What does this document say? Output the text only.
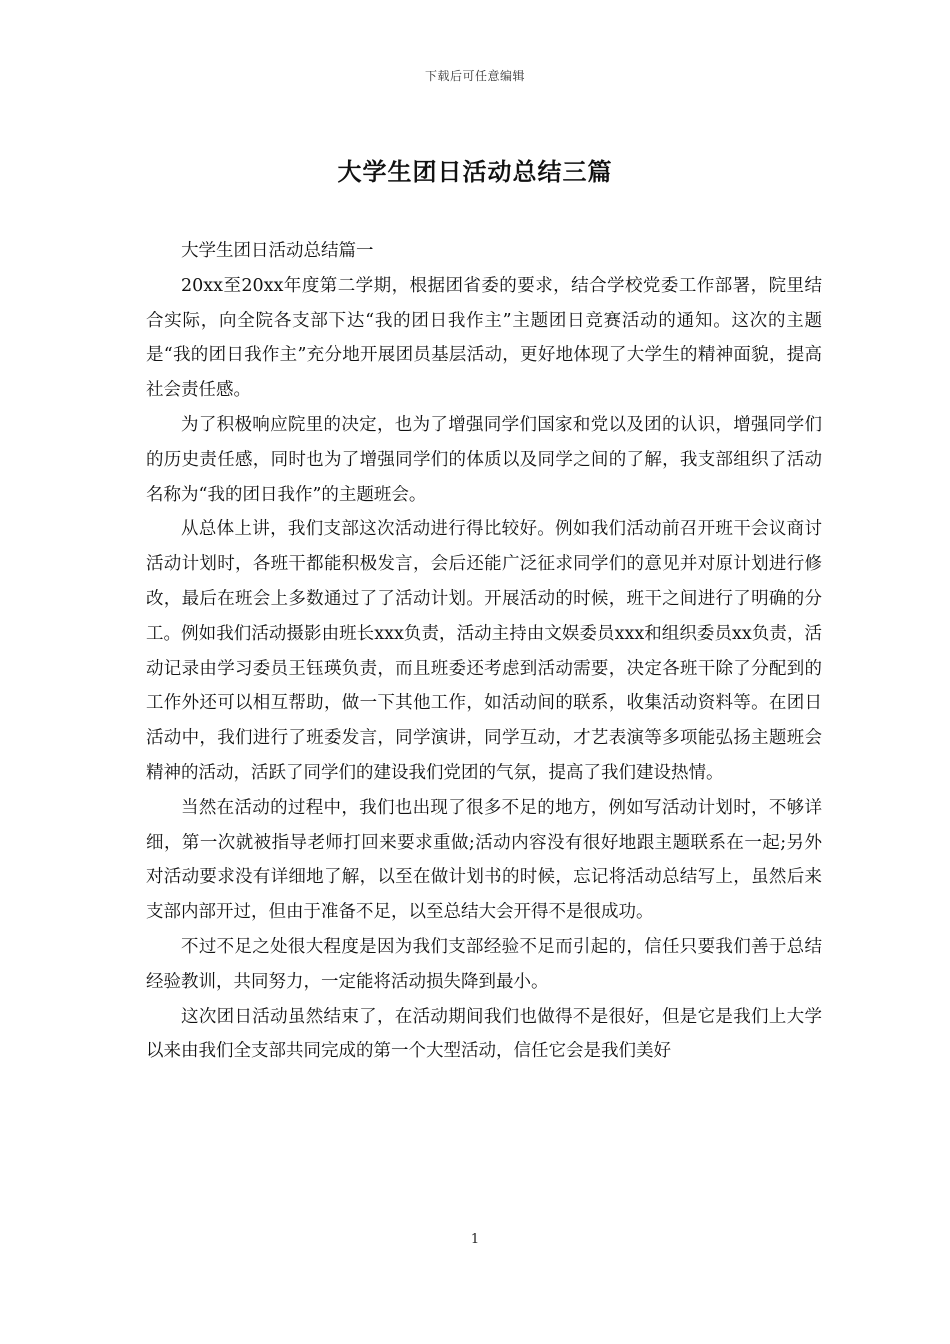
下载后可任意编辑
大学生团日活动总结三篇

大学生团日活动总结篇一

20xx至20xx年度第二学期，根据团省委的要求，结合学校党委工作部署，院里结合实际，向全院各支部下达“我的团日我作主”主题团日竞赛活动的通知。这次的主题是“我的团日我作主”充分地开展团员基层活动，更好地体现了大学生的精神面貌，提高社会责任感。

为了积极响应院里的决定，也为了增强同学们国家和党以及团的认识，增强同学们的历史责任感，同时也为了增强同学们的体质以及同学之间的了解，我支部组织了活动名称为“我的团日我作”的主题班会。

从总体上讲，我们支部这次活动进行得比较好。例如我们活动前召开班干会议商讨活动计划时，各班干都能积极发言，会后还能广泛征求同学们的意见并对原计划进行修改，最后在班会上多数通过了了活动计划。开展活动的时候，班干之间进行了明确的分工。例如我们活动摄影由班长xxx负责，活动主持由文娱委员xxx和组织委员xx负责，活动记录由学习委员王钰瑛负责，而且班委还考虑到活动需要，决定各班干除了分配到的工作外还可以相互帮助，做一下其他工作，如活动间的联系，收集活动资料等。在团日活动中，我们进行了班委发言，同学演讲，同学互动，才艺表演等多项能弘扬主题班会精神的活动，活跃了同学们的建设我们党团的气氛，提高了我们建设热情。

当然在活动的过程中，我们也出现了很多不足的地方，例如写活动计划时，不够详细，第一次就被指导老师打回来要求重做;活动内容没有很好地跟主题联系在一起;另外对活动要求没有详细地了解，以至在做计划书的时候，忘记将活动总结写上，虽然后来支部内部开过，但由于准备不足，以至总结大会开得不是很成功。

不过不足之处很大程度是因为我们支部经验不足而引起的，信任只要我们善于总结经验教训，共同努力，一定能将活动损失降到最小。

这次团日活动虽然结束了，在活动期间我们也做得不是很好，但是它是我们上大学以来由我们全支部共同完成的第一个大型活动，信任它会是我们美好

1
